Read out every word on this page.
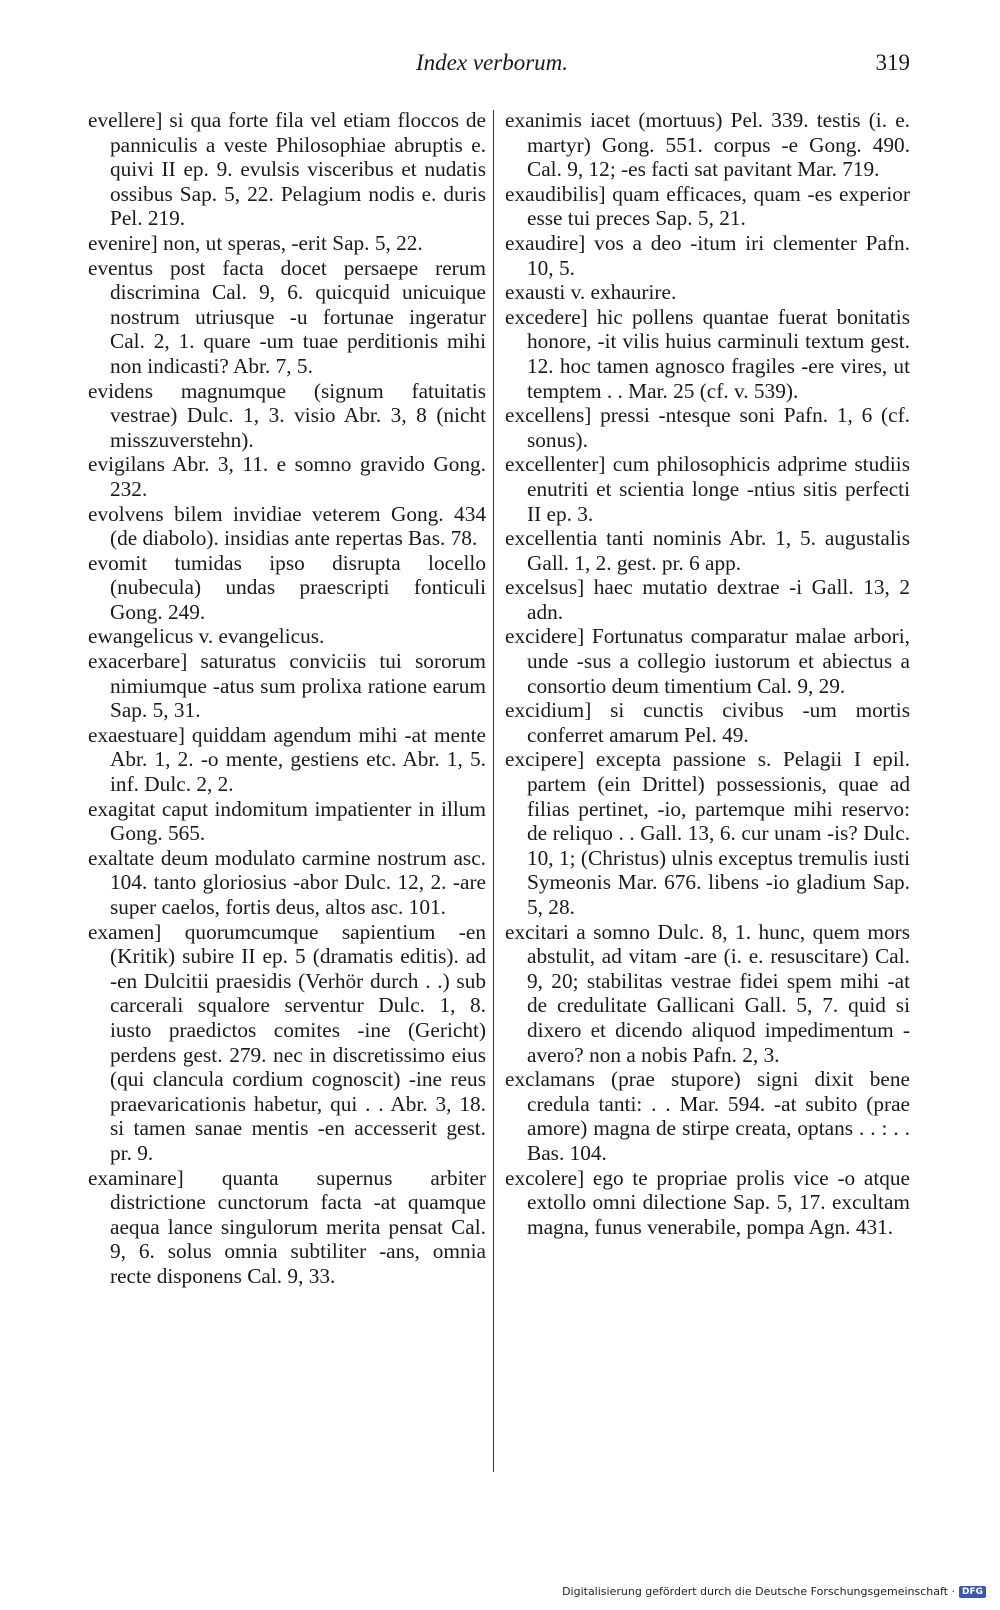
Index verborum.	319

evellere] si qua forte fila vel etiam floccos de panniculis a veste Philosophiae abruptis e. quivi II ep. 9. evulsis visceribus et nudatis ossibus Sap. 5, 22. Pelagium nodis e. duris Pel. 219.

evenire] non, ut speras, -erit Sap. 5, 22.

eventus post facta docet persaepe rerum discrimina Cal. 9, 6. quicquid unicuique nostrum utriusque -u fortunae ingeratur Cal. 2, 1. quare -um tuae perditionis mihi non indicasti? Abr. 7, 5.

evidens magnumque (signum fatuitatis vestrae) Dulc. 1, 3. visio Abr. 3, 8 (nicht misszuverstehn).

evigilans Abr. 3, 11. e somno gravido Gong. 232.

evolvens bilem invidiae veterem Gong. 434 (de diabolo). insidias ante repertas Bas. 78.

evomit tumidas ipso disrupta locello (nubecula) undas praescripti fonticuli Gong. 249.

ewangelicus v. evangelicus.

exacerbare] saturatus conviciis tui sororum nimiumque -atus sum prolixa ratione earum Sap. 5, 31.

exaestuare] quiddam agendum mihi -at mente Abr. 1, 2. -o mente, gestiens etc. Abr. 1, 5. inf. Dulc. 2, 2.

exagitat caput indomitum impatienter in illum Gong. 565.

exaltate deum modulato carmine nostrum asc. 104. tanto gloriosius -abor Dulc. 12, 2. -are super caelos, fortis deus, altos asc. 101.

examen] quorumcumque sapientium -en (Kritik) subire II ep. 5 (dramatis editis). ad -en Dulcitii praesidis (Verhör durch . .) sub carcerali squalore serventur Dulc. 1, 8. iusto praedictos comites -ine (Gericht) perdens gest. 279. nec in discretissimo eius (qui clancula cordium cognoscit) -ine reus praevaricationis habetur, qui . . Abr. 3, 18. si tamen sanae mentis -en accesserit gest. pr. 9.

examinare] quanta supernus arbiter districtione cunctorum facta -at quamque aequa lance singulorum merita pensat Cal. 9, 6. solus omnia subtiliter -ans, omnia recte disponens Cal. 9, 33.

exanimis iacet (mortuus) Pel. 339. testis (i. e. martyr) Gong. 551. corpus -e Gong. 490. Cal. 9, 12; -es facti sat pavitant Mar. 719.

exaudibilis] quam efficaces, quam -es experior esse tui preces Sap. 5, 21.

exaudire] vos a deo -itum iri clementer Pafn. 10, 5.

exausti v. exhaurire.

excedere] hic pollens quantae fuerat bonitatis honore, -it vilis huius carminuli textum gest. 12. hoc tamen agnosco fragiles -ere vires, ut temptem . . Mar. 25 (cf. v. 539).

excellens] pressi -ntesque soni Pafn. 1, 6 (cf. sonus).

excellenter] cum philosophicis adprime studiis enutriti et scientia longe -ntius sitis perfecti II ep. 3.

excellentia tanti nominis Abr. 1, 5. augustalis Gall. 1, 2. gest. pr. 6 app.

excelsus] haec mutatio dextrae -i Gall. 13, 2 adn.

excidere] Fortunatus comparatur malae arbori, unde -sus a collegio iustorum et abiectus a consortio deum timentium Cal. 9, 29.

excidium] si cunctis civibus -um mortis conferret amarum Pel. 49.

excipere] excepta passione s. Pelagii I epil. partem (ein Drittel) possessionis, quae ad filias pertinet, -io, partemque mihi reservo: de reliquo . . Gall. 13, 6. cur unam -is? Dulc. 10, 1; (Christus) ulnis exceptus tremulis iusti Symeonis Mar. 676. libens -io gladium Sap. 5, 28.

excitari a somno Dulc. 8, 1. hunc, quem mors abstulit, ad vitam -are (i. e. resuscitare) Cal. 9, 20; stabilitas vestrae fidei spem mihi -at de credulitate Gallicani Gall. 5, 7. quid si dixero et dicendo aliquod impedimentum -avero? non a nobis Pafn. 2, 3.

exclamans (prae stupore) signi dixit bene credula tanti: . . Mar. 594. -at subito (prae amore) magna de stirpe creata, optans . . : . . Bas. 104.

excolere] ego te propriae prolis vice -o atque extollo omni dilectione Sap. 5, 17. excultam magna, funus venerabile, pompa Agn. 431.

Digitalisierung gefördert durch die Deutsche Forschungsgemeinschaft · DFG
